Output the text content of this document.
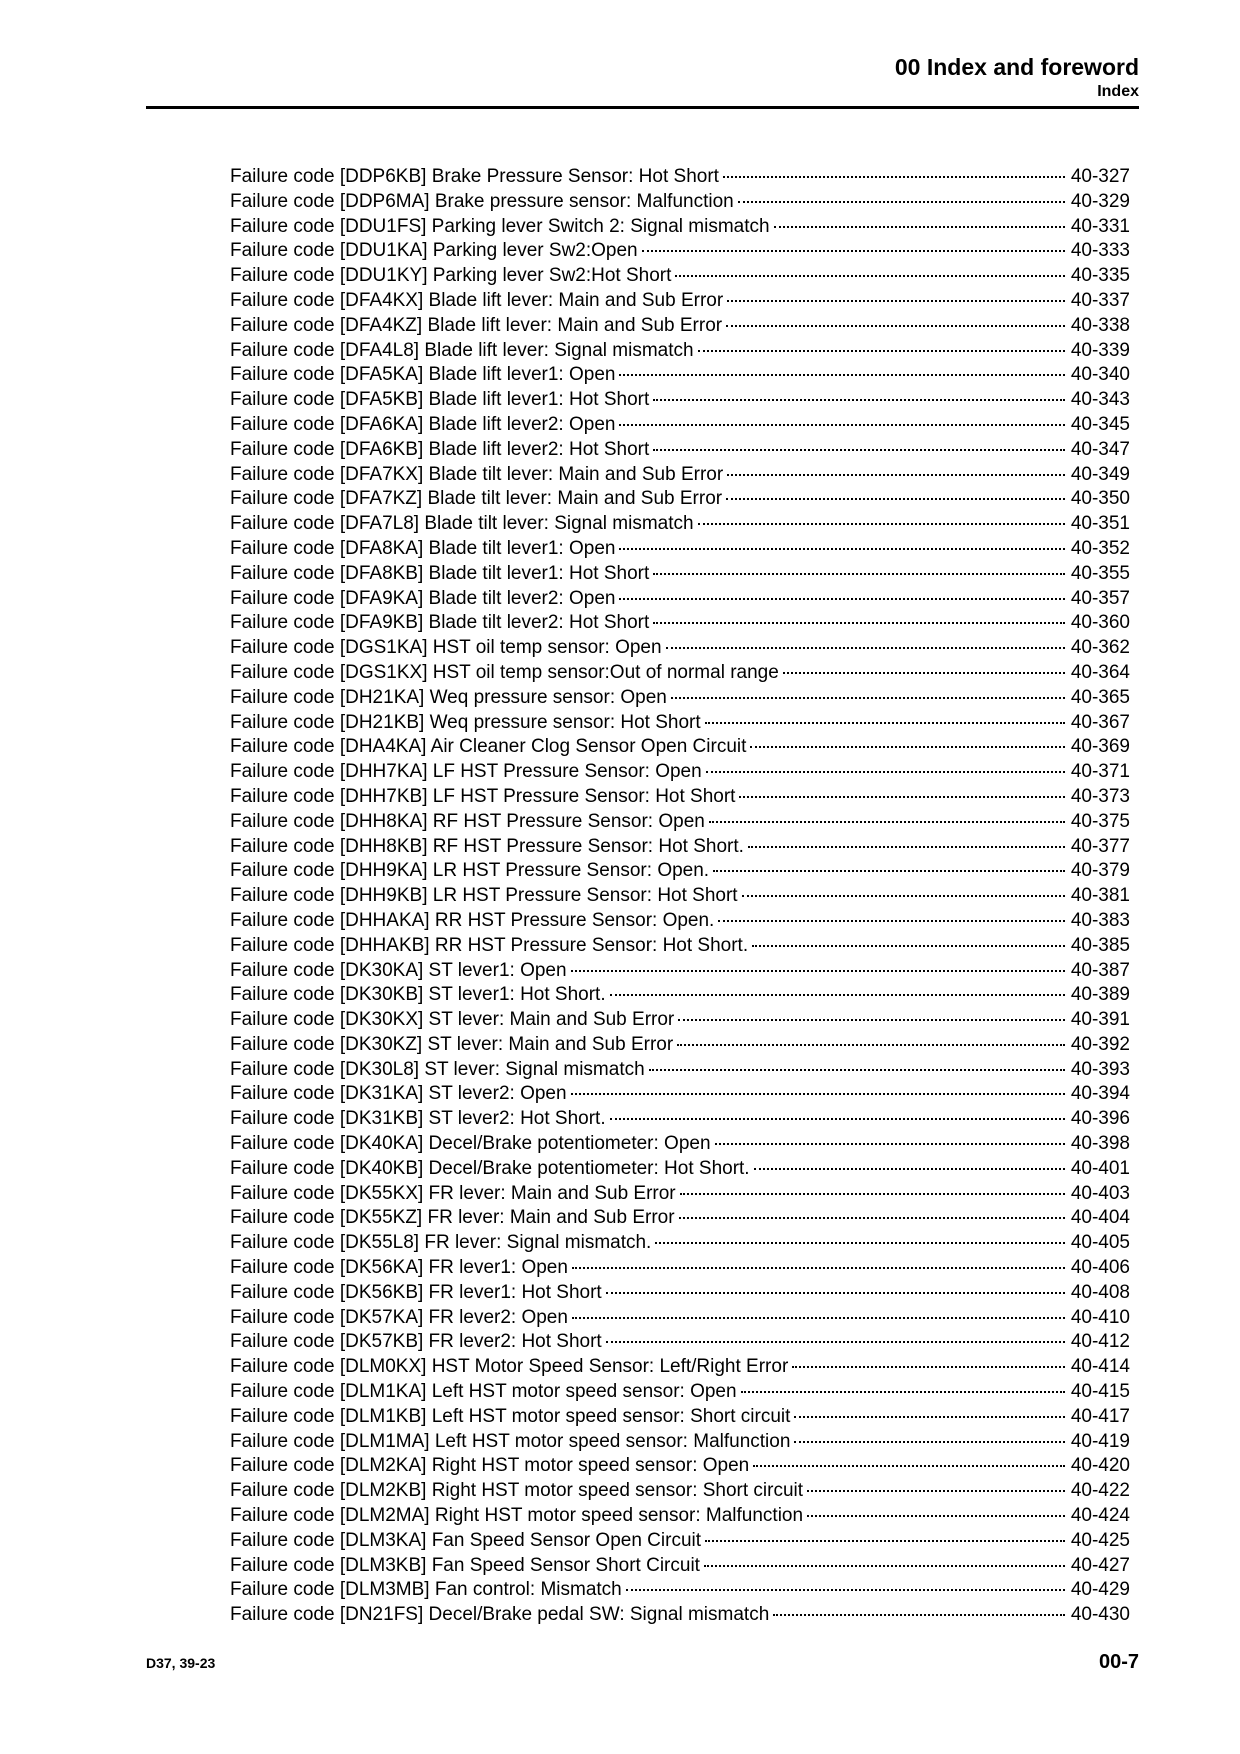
00 Index and foreword
Index
Failure code [DDP6KB] Brake Pressure Sensor: Hot Short	40-327
Failure code [DDP6MA] Brake pressure sensor: Malfunction	40-329
Failure code [DDU1FS] Parking lever Switch 2: Signal mismatch	40-331
Failure code [DDU1KA] Parking lever Sw2:Open	40-333
Failure code [DDU1KY] Parking lever Sw2:Hot Short	40-335
Failure code [DFA4KX] Blade lift lever: Main and Sub Error	40-337
Failure code [DFA4KZ] Blade lift lever: Main and Sub Error	40-338
Failure code [DFA4L8] Blade lift lever: Signal mismatch	40-339
Failure code [DFA5KA] Blade lift lever1: Open	40-340
Failure code [DFA5KB] Blade lift lever1: Hot Short	40-343
Failure code [DFA6KA] Blade lift lever2: Open	40-345
Failure code [DFA6KB] Blade lift lever2: Hot Short	40-347
Failure code [DFA7KX] Blade tilt lever: Main and Sub Error	40-349
Failure code [DFA7KZ] Blade tilt lever: Main and Sub Error	40-350
Failure code [DFA7L8] Blade tilt lever: Signal mismatch	40-351
Failure code [DFA8KA] Blade tilt lever1: Open	40-352
Failure code [DFA8KB] Blade tilt lever1: Hot Short	40-355
Failure code [DFA9KA] Blade tilt lever2: Open	40-357
Failure code [DFA9KB] Blade tilt lever2: Hot Short	40-360
Failure code [DGS1KA] HST oil temp sensor: Open	40-362
Failure code [DGS1KX] HST oil temp sensor:Out of normal range	40-364
Failure code [DH21KA] Weq pressure sensor: Open	40-365
Failure code [DH21KB] Weq pressure sensor: Hot Short	40-367
Failure code [DHA4KA] Air Cleaner Clog Sensor Open Circuit	40-369
Failure code [DHH7KA] LF HST Pressure Sensor: Open	40-371
Failure code [DHH7KB] LF HST Pressure Sensor: Hot Short	40-373
Failure code [DHH8KA] RF HST Pressure Sensor: Open	40-375
Failure code [DHH8KB] RF HST Pressure Sensor: Hot Short.	40-377
Failure code [DHH9KA] LR HST Pressure Sensor: Open.	40-379
Failure code [DHH9KB] LR HST Pressure Sensor: Hot Short	40-381
Failure code [DHHAKA] RR HST Pressure Sensor: Open.	40-383
Failure code [DHHAKB] RR HST Pressure Sensor: Hot Short.	40-385
Failure code [DK30KA] ST lever1: Open	40-387
Failure code [DK30KB] ST lever1: Hot Short.	40-389
Failure code [DK30KX] ST lever: Main and Sub Error	40-391
Failure code [DK30KZ] ST lever: Main and Sub Error	40-392
Failure code [DK30L8] ST lever: Signal mismatch	40-393
Failure code [DK31KA] ST lever2: Open	40-394
Failure code [DK31KB] ST lever2: Hot Short.	40-396
Failure code [DK40KA] Decel/Brake potentiometer: Open	40-398
Failure code [DK40KB] Decel/Brake potentiometer: Hot Short.	40-401
Failure code [DK55KX] FR lever: Main and Sub Error	40-403
Failure code [DK55KZ] FR lever: Main and Sub Error	40-404
Failure code [DK55L8] FR lever: Signal mismatch.	40-405
Failure code [DK56KA] FR lever1: Open	40-406
Failure code [DK56KB] FR lever1: Hot Short	40-408
Failure code [DK57KA] FR lever2: Open	40-410
Failure code [DK57KB] FR lever2: Hot Short	40-412
Failure code [DLM0KX] HST Motor Speed Sensor: Left/Right Error	40-414
Failure code [DLM1KA] Left HST motor speed sensor: Open	40-415
Failure code [DLM1KB] Left HST motor speed sensor: Short circuit	40-417
Failure code [DLM1MA] Left HST motor speed sensor: Malfunction	40-419
Failure code [DLM2KA] Right HST motor speed sensor: Open	40-420
Failure code [DLM2KB] Right HST motor speed sensor: Short circuit	40-422
Failure code [DLM2MA] Right HST motor speed sensor: Malfunction	40-424
Failure code [DLM3KA] Fan Speed Sensor Open Circuit	40-425
Failure code [DLM3KB] Fan Speed Sensor Short Circuit	40-427
Failure code [DLM3MB] Fan control: Mismatch	40-429
Failure code [DN21FS] Decel/Brake pedal SW: Signal mismatch	40-430
D37, 39-23	00-7
